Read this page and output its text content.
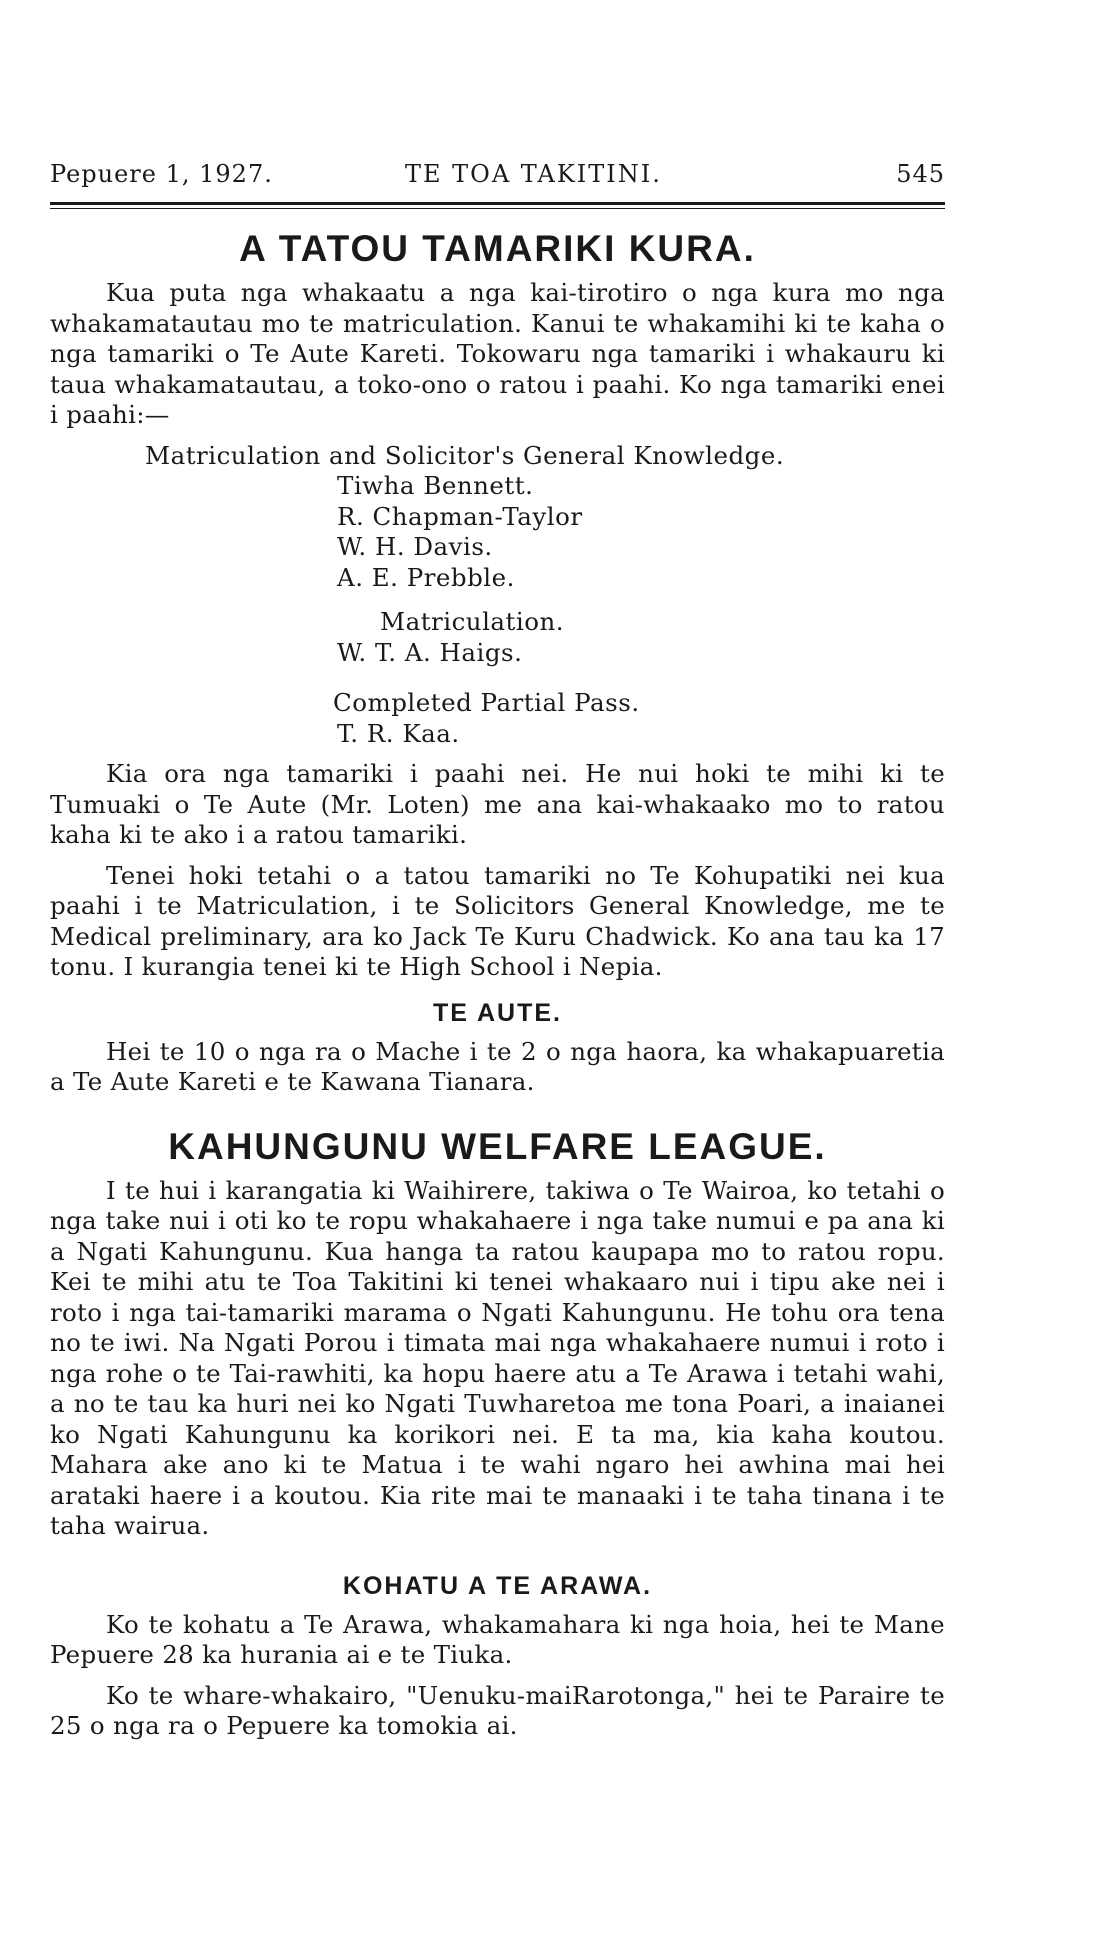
Pepuere 1, 1927.	TE TOA TAKITINI.	545
A TATOU TAMARIKI KURA.

Kua puta nga whakaatu a nga kai-tirotiro o nga kura mo nga whakamatautau mo te matriculation. Kanui te whakamihi ki te kaha o nga tamariki o Te Aute Kareti. Tokowaru nga tamariki i whakauru ki taua whakamatautau, a toko-ono o ratou i paahi. Ko nga tamariki enei i paahi:—

Matriculation and Solicitor's General Knowledge.
Tiwha Bennett.
R. Chapman-Taylor
W. H. Davis.
A. E. Prebble.
Matriculation.
W. T. A. Haigs.
Completed Partial Pass.
T. R. Kaa.

Kia ora nga tamariki i paahi nei. He nui hoki te mihi ki te Tumuaki o Te Aute (Mr. Loten) me ana kai-whakaako mo to ratou kaha ki te ako i a ratou tamariki.

Tenei hoki tetahi o a tatou tamariki no Te Kohupatiki nei kua paahi i te Matriculation, i te Solicitors General Knowledge, me te Medical preliminary, ara ko Jack Te Kuru Chadwick. Ko ana tau ka 17 tonu. I kurangia tenei ki te High School i Nepia.

TE AUTE.

Hei te 10 o nga ra o Mache i te 2 o nga haora, ka whakapuaretia a Te Aute Kareti e te Kawana Tianara.

KAHUNGUNU WELFARE LEAGUE.

I te hui i karangatia ki Waihirere, takiwa o Te Wairoa, ko tetahi o nga take nui i oti ko te ropu whakahaere i nga take numui e pa ana ki a Ngati Kahungunu. Kua hanga ta ratou kaupapa mo to ratou ropu. Kei te mihi atu te Toa Takitini ki tenei whakaaro nui i tipu ake nei i roto i nga tai-tamariki marama o Ngati Kahungunu. He tohu ora tena no te iwi. Na Ngati Porou i timata mai nga whakahaere numui i roto i nga rohe o te Tai-rawhiti, ka hopu haere atu a Te Arawa i tetahi wahi, a no te tau ka huri nei ko Ngati Tuwharetoa me tona Poari, a inaianei ko Ngati Kahungunu ka korikori nei. E ta ma, kia kaha koutou. Mahara ake ano ki te Matua i te wahi ngaro hei awhina mai hei arataki haere i a koutou. Kia rite mai te manaaki i te taha tinana i te taha wairua.

KOHATU A TE ARAWA.

Ko te kohatu a Te Arawa, whakamahara ki nga hoia, hei te Mane Pepuere 28 ka hurania ai e te Tiuka.

Ko te whare-whakairo, "Uenuku-maiRarotonga," hei te Paraire te 25 o nga ra o Pepuere ka tomokia ai.
